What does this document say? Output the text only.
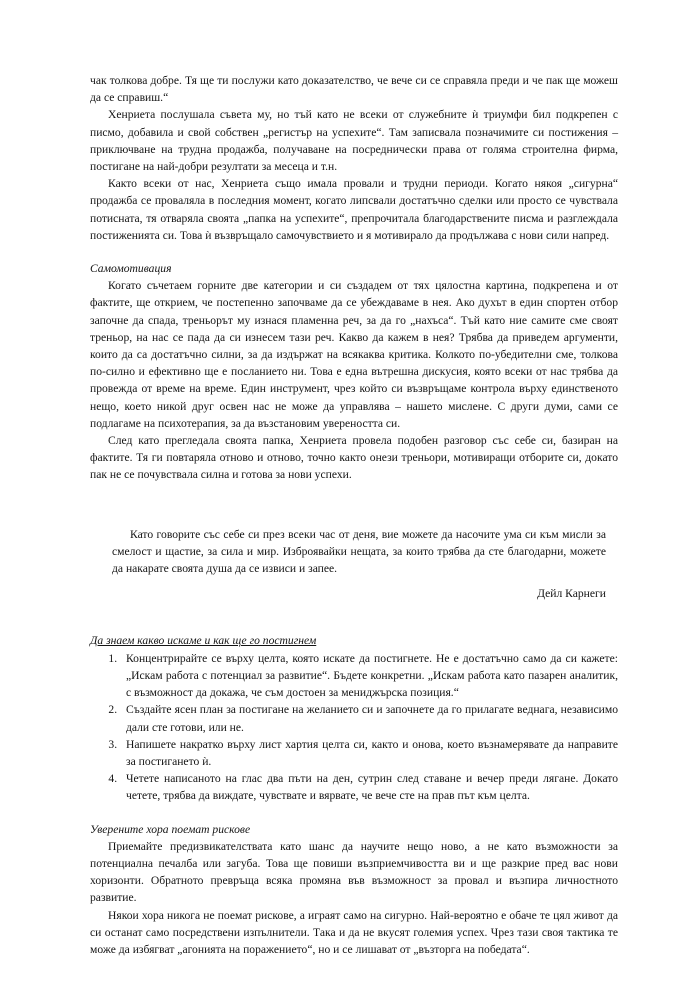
чак толкова добре. Тя ще ти послужи като доказателство, че вече си се справяла преди и че пак ще можеш да се справиш.“

Хенриета послушала съвета му, но тъй като не всеки от служебните ѝ триумфи бил подкрепен с писмо, добавила и свой собствен „регистър на успехите“. Там записвала позначимите си постижения – приключване на трудна продажба, получаване на посреднически права от голяма строителна фирма, постигане на най-добри резултати за месеца и т.н.

Както всеки от нас, Хенриета също имала провали и трудни периоди. Когато някоя „сигурна“ продажба се провaляла в последния момент, когато липсвали достатъчно сделки или просто се чувствала потисната, тя отваряла своята „папка на успехите“, препрочитала благодарствените писма и разглеждала постиженията си. Това ѝ възвръщало самочувствието и я мотивирало да продължава с нови сили напред.

Самомотивация

Когато съчетаем горните две категории и си създадем от тях цялостна картина, подкрепена и от фактите, ще открием, че постепенно започваме да се убеждаваме в нея. Ако духът в един спортен отбор започне да спада, треньорът му изнася пламенна реч, за да го „нахъса“. Тъй като ние самите сме своят треньор, на нас се пада да си изнесем тази реч. Какво да кажем в нея? Трябва да приведем аргументи, които да са достатъчно силни, за да издържат на всякаква критика. Колкото по-убедителни сме, толкова по-силно и ефективно ще е посланието ни. Това е една вътрешна дискусия, която всеки от нас трябва да провежда от време на време. Един инструмент, чрез който си възвръщаме контрола върху единственото нещо, което никой друг освен нас не може да управлява – нашето мислене. С други думи, сами се подлагаме на психотерапия, за да възстановим увереността си.

След като прегледала своята папка, Хенриета провела подобен разговор със себе си, базиран на фактите. Тя ги повтаряла отново и отново, точно както онези треньори, мотивиращи отборите си, докато пак не се почувствала силна и готова за нови успехи.

Като говорите със себе си през всеки час от деня, вие можете да насочите ума си към мисли за смелост и щастие, за сила и мир. Изброявайки нещата, за които трябва да сте благодарни, можете да накарате своята душа да се извиси и запее.

Дейл Карнеги

Да знаем какво искаме и как ще го постигнем

1. Концентрирайте се върху целта, която искате да постигнете. Не е достатъчно само да си кажете: „Искам работа с потенциал за развитие“. Бъдете конкретни. „Искам работа като пазарен аналитик, с възможност да докажа, че съм достоен за мениджърска позиция.“
2. Създайте ясен план за постигане на желанието си и започнете да го прилагате веднага, независимо дали сте готови, или не.
3. Напишете накратко върху лист хартия целта си, както и онова, което възнамерявате да направите за постигането ѝ.
4. Четете написаното на глас два пъти на ден, сутрин след ставане и вечер преди лягане. Докато четете, трябва да виждате, чувствате и вярвате, че вече сте на прав път към целта.

Уверените хора поемат рискове

Приемайте предизвикателствата като шанс да научите нещо ново, а не като възможности за потенциална печалба или загуба. Това ще повиши възприемчивостта ви и ще разкрие пред вас нови хоризонти. Обратното превръща всяка промяна във възможност за провал и възпира личностното развитие.

Някои хора никога не поемат рискове, а играят само на сигурно. Най-вероятно е обаче те цял живот да си останат само посредствени изпълнители. Така и да не вкусят големия успех. Чрез тази своя тактика те може да избягват „агонията на поражението“, но и се лишават от „възторга на победата“.
